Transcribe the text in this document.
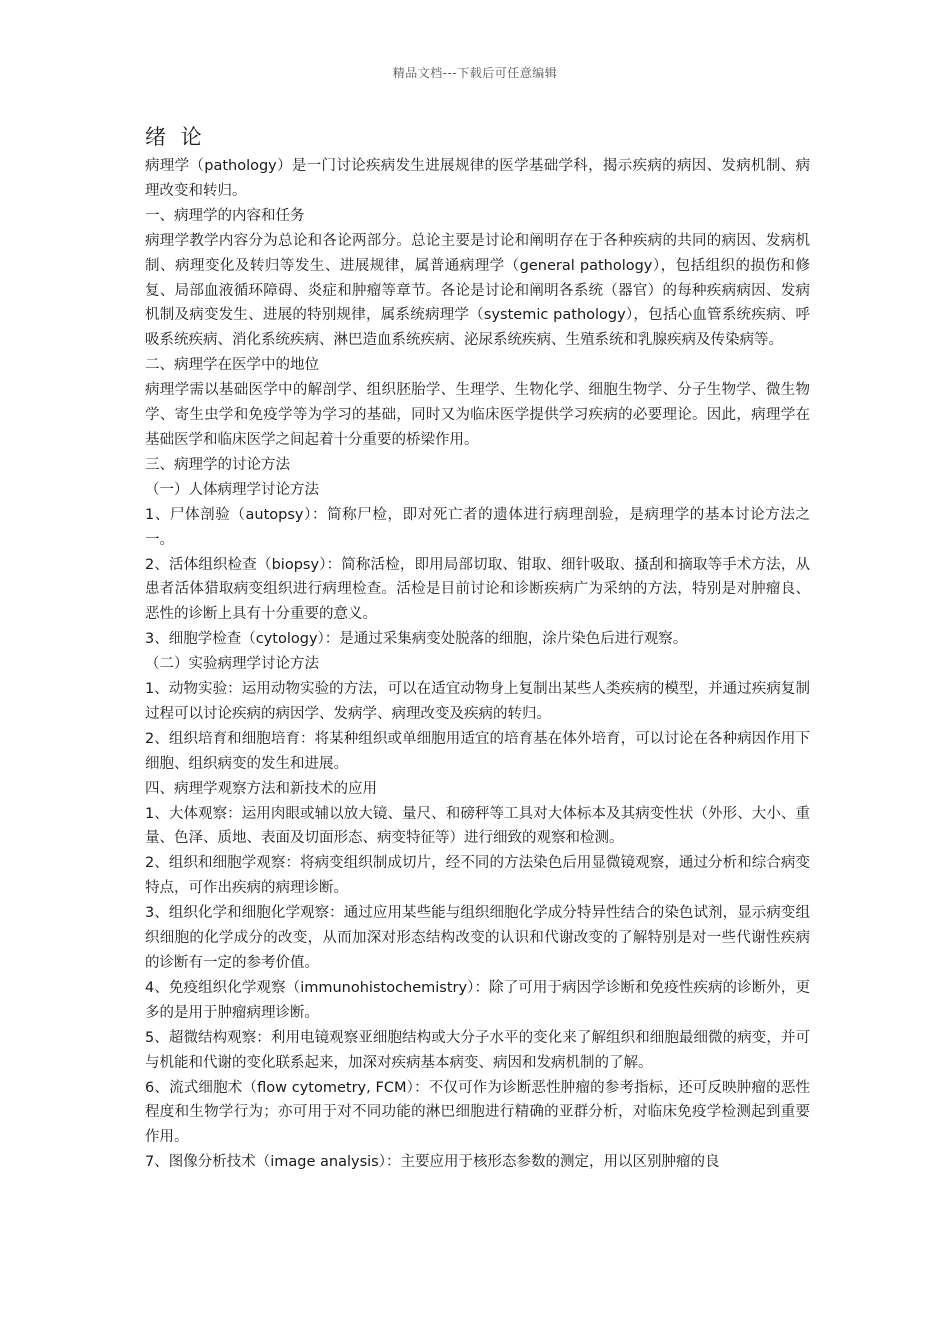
精品文档---下载后可任意编辑
绪 论

病理学（pathology）是一门讨论疾病发生进展规律的医学基础学科，揭示疾病的病因、发病机制、病理改变和转归。

一、病理学的内容和任务

病理学教学内容分为总论和各论两部分。总论主要是讨论和阐明存在于各种疾病的共同的病因、发病机制、病理变化及转归等发生、进展规律，属普通病理学（general pathology），包括组织的损伤和修复、局部血液循环障碍、炎症和肿瘤等章节。各论是讨论和阐明各系统（器官）的每种疾病病因、发病机制及病变发生、进展的特别规律，属系统病理学（systemic pathology），包括心血管系统疾病、呼吸系统疾病、消化系统疾病、淋巴造血系统疾病、泌尿系统疾病、生殖系统和乳腺疾病及传染病等。

二、病理学在医学中的地位

病理学需以基础医学中的解剖学、组织胚胎学、生理学、生物化学、细胞生物学、分子生物学、微生物学、寄生虫学和免疫学等为学习的基础，同时又为临床医学提供学习疾病的必要理论。因此，病理学在基础医学和临床医学之间起着十分重要的桥梁作用。

三、病理学的讨论方法

（一）人体病理学讨论方法

1、尸体剖验（autopsy）：简称尸检，即对死亡者的遗体进行病理剖验，是病理学的基本讨论方法之一。

2、活体组织检查（biopsy）：简称活检，即用局部切取、钳取、细针吸取、搔刮和摘取等手术方法，从患者活体猎取病变组织进行病理检查。活检是目前讨论和诊断疾病广为采纳的方法，特别是对肿瘤良、恶性的诊断上具有十分重要的意义。

3、细胞学检查（cytology）：是通过采集病变处脱落的细胞，涂片染色后进行观察。

（二）实验病理学讨论方法

1、动物实验：运用动物实验的方法，可以在适宜动物身上复制出某些人类疾病的模型，并通过疾病复制过程可以讨论疾病的病因学、发病学、病理改变及疾病的转归。

2、组织培育和细胞培育：将某种组织或单细胞用适宜的培育基在体外培育，可以讨论在各种病因作用下细胞、组织病变的发生和进展。

四、病理学观察方法和新技术的应用

1、大体观察：运用肉眼或辅以放大镜、量尺、和磅秤等工具对大体标本及其病变性状（外形、大小、重量、色泽、质地、表面及切面形态、病变特征等）进行细致的观察和检测。

2、组织和细胞学观察：将病变组织制成切片，经不同的方法染色后用显微镜观察，通过分析和综合病变特点，可作出疾病的病理诊断。

3、组织化学和细胞化学观察：通过应用某些能与组织细胞化学成分特异性结合的染色试剂，显示病变组织细胞的化学成分的改变，从而加深对形态结构改变的认识和代谢改变的了解特别是对一些代谢性疾病的诊断有一定的参考价值。

4、免疫组织化学观察（immunohistochemistry）：除了可用于病因学诊断和免疫性疾病的诊断外，更多的是用于肿瘤病理诊断。

5、超微结构观察：利用电镜观察亚细胞结构或大分子水平的变化来了解组织和细胞最细微的病变，并可与机能和代谢的变化联系起来，加深对疾病基本病变、病因和发病机制的了解。

6、流式细胞术（flow cytometry, FCM）：不仅可作为诊断恶性肿瘤的参考指标，还可反映肿瘤的恶性程度和生物学行为；亦可用于对不同功能的淋巴细胞进行精确的亚群分析，对临床免疫学检测起到重要作用。

7、图像分析技术（image analysis）：主要应用于核形态参数的测定，用以区别肿瘤的良
